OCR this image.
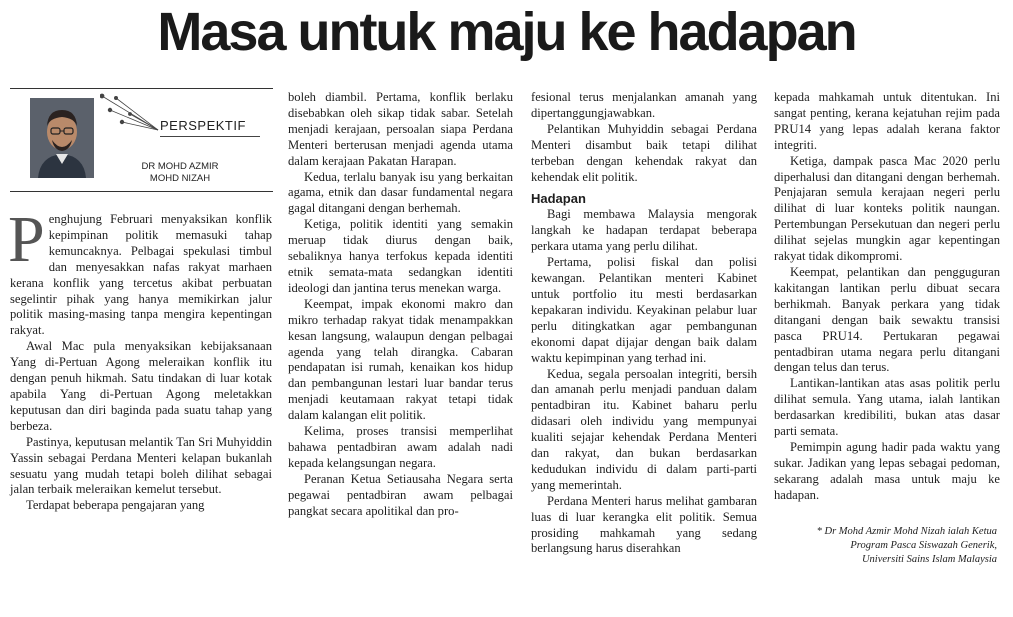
Masa untuk maju ke hadapan
PERSPEKTIF
DR MOHD AZMIR
MOHD NIZAH
P enghujung Februari menyaksikan konflik kepimpinan politik memasuki tahap kemuncaknya. Pelbagai spekulasi timbul dan menyesakkan nafas rakyat marhaen kerana konflik yang tercetus akibat perbuatan segelintir pihak yang hanya memikirkan jalur politik masing-masing tanpa mengira kepentingan rakyat.

Awal Mac pula menyaksikan kebijaksanaan Yang di-Pertuan Agong meleraikan konflik itu dengan penuh hikmah. Satu tindakan di luar kotak apabila Yang di-Pertuan Agong meletakkan keputusan dan diri baginda pada suatu tahap yang berbeza.

Pastinya, keputusan melantik Tan Sri Muhyiddin Yassin sebagai Perdana Menteri kelapan bukanlah sesuatu yang mudah tetapi boleh dilihat sebagai jalan terbaik meleraikan kemelut tersebut.

Terdapat beberapa pengajaran yang

boleh diambil. Pertama, konflik berlaku disebabkan oleh sikap tidak sabar. Setelah menjadi kerajaan, persoalan siapa Perdana Menteri berterusan menjadi agenda utama dalam kerajaan Pakatan Harapan.

Kedua, terlalu banyak isu yang berkaitan agama, etnik dan dasar fundamental negara gagal ditangani dengan berhemah.

Ketiga, politik identiti yang semakin meruap tidak diurus dengan baik, sebaliknya hanya terfokus kepada identiti etnik semata-mata sedangkan identiti ideologi dan jantina terus menekan warga.

Keempat, impak ekonomi makro dan mikro terhadap rakyat tidak menampakkan kesan langsung, walaupun dengan pelbagai agenda yang telah dirangka. Cabaran pendapatan isi rumah, kenaikan kos hidup dan pembangunan lestari luar bandar terus menjadi keutamaan rakyat tetapi tidak dalam kalangan elit politik.

Kelima, proses transisi memperlihat bahawa pentadbiran awam adalah nadi kepada kelangsungan negara.

Peranan Ketua Setiausaha Negara serta pegawai pentadbiran awam pelbagai pangkat secara apolitikal dan pro-

fesional terus menjalankan amanah yang dipertanggungjawabkan.

Pelantikan Muhyiddin sebagai Perdana Menteri disambut baik tetapi dilihat terbeban dengan kehendak rakyat dan kehendak elit politik.

Hadapan

Bagi membawa Malaysia mengorak langkah ke hadapan terdapat beberapa perkara utama yang perlu dilihat.

Pertama, polisi fiskal dan polisi kewangan. Pelantikan menteri Kabinet untuk portfolio itu mesti berdasarkan kepakaran individu. Keyakinan pelabur luar perlu ditingkatkan agar pembangunan ekonomi dapat dijajar dengan baik dalam waktu kepimpinan yang terhad ini.

Kedua, segala persoalan integriti, bersih dan amanah perlu menjadi panduan dalam pentadbiran itu. Kabinet baharu perlu didasari oleh individu yang mempunyai kualiti sejajar kehendak Perdana Menteri dan rakyat, dan bukan berdasarkan kedudukan individu di dalam parti-parti yang memerintah.

Perdana Menteri harus melihat gambaran luas di luar kerangka elit politik. Semua prosiding mahkamah yang sedang berlangsung harus diserahkan

kepada mahkamah untuk ditentukan. Ini sangat penting, kerana kejatuhan rejim pada PRU14 yang lepas adalah kerana faktor integriti.

Ketiga, dampak pasca Mac 2020 perlu diperhalusi dan ditangani dengan berhemah. Penjajaran semula kerajaan negeri perlu dilihat di luar konteks politik naungan. Pertembungan Persekutuan dan negeri perlu dilihat sejelas mungkin agar kepentingan rakyat tidak dikompromi.

Keempat, pelantikan dan pengguguran kakitangan lantikan perlu dibuat secara berhikmah. Banyak perkara yang tidak ditangani dengan baik sewaktu transisi pasca PRU14. Pertukaran pegawai pentadbiran utama negara perlu ditangani dengan telus dan terus.

Lantikan-lantikan atas asas politik perlu dilihat semula. Yang utama, ialah lantikan berdasarkan kredibiliti, bukan atas dasar parti semata.

Pemimpin agung hadir pada waktu yang sukar. Jadikan yang lepas sebagai pedoman, sekarang adalah masa untuk maju ke hadapan.

* Dr Mohd Azmir Mohd Nizah ialah Ketua
Program Pasca Siswazah Generik,
Universiti Sains Islam Malaysia
